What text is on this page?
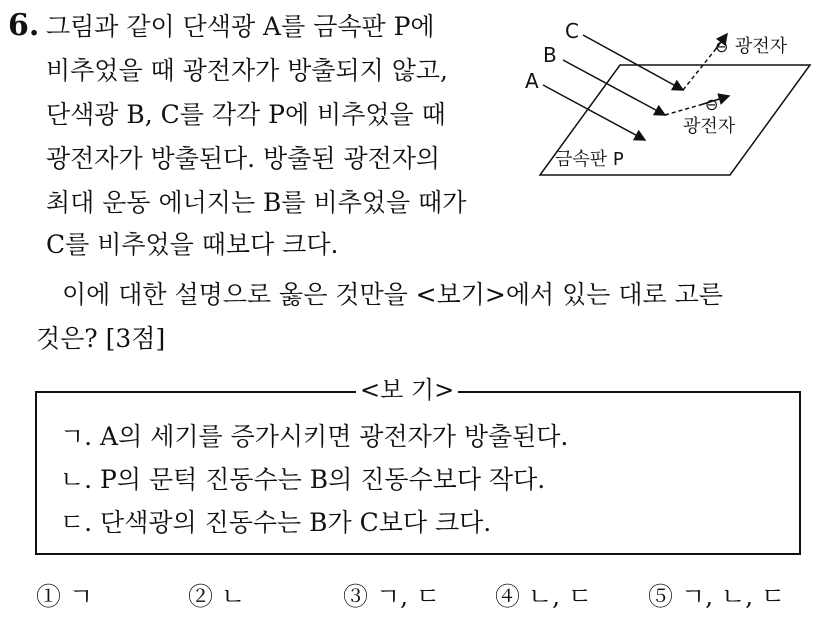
6. 그림과 같이 단색광 A를 금속판 P에
비추었을 때 광전자가 방출되지 않고,
단색광 B, C를 각각 P에 비추었을 때
광전자가 방출된다. 방출된 광전자의
최대 운동 에너지는 B를 비추었을 때가
C를 비추었을 때보다 크다.
C
B
A
⊖ 광전자
⊖
광전자
금속판 P
이에 대한 설명으로 옳은 것만을 <보기>에서 있는 대로 고른
것은? [3점]
<보 기>
ㄱ. A의 세기를 증가시키면 광전자가 방출된다.
ㄴ. P의 문턱 진동수는 B의 진동수보다 작다.
ㄷ. 단색광의 진동수는 B가 C보다 크다.
① ㄱ	② ㄴ	③ ㄱ, ㄷ ④ ㄴ, ㄷ ⑤ ㄱ, ㄴ, ㄷ
